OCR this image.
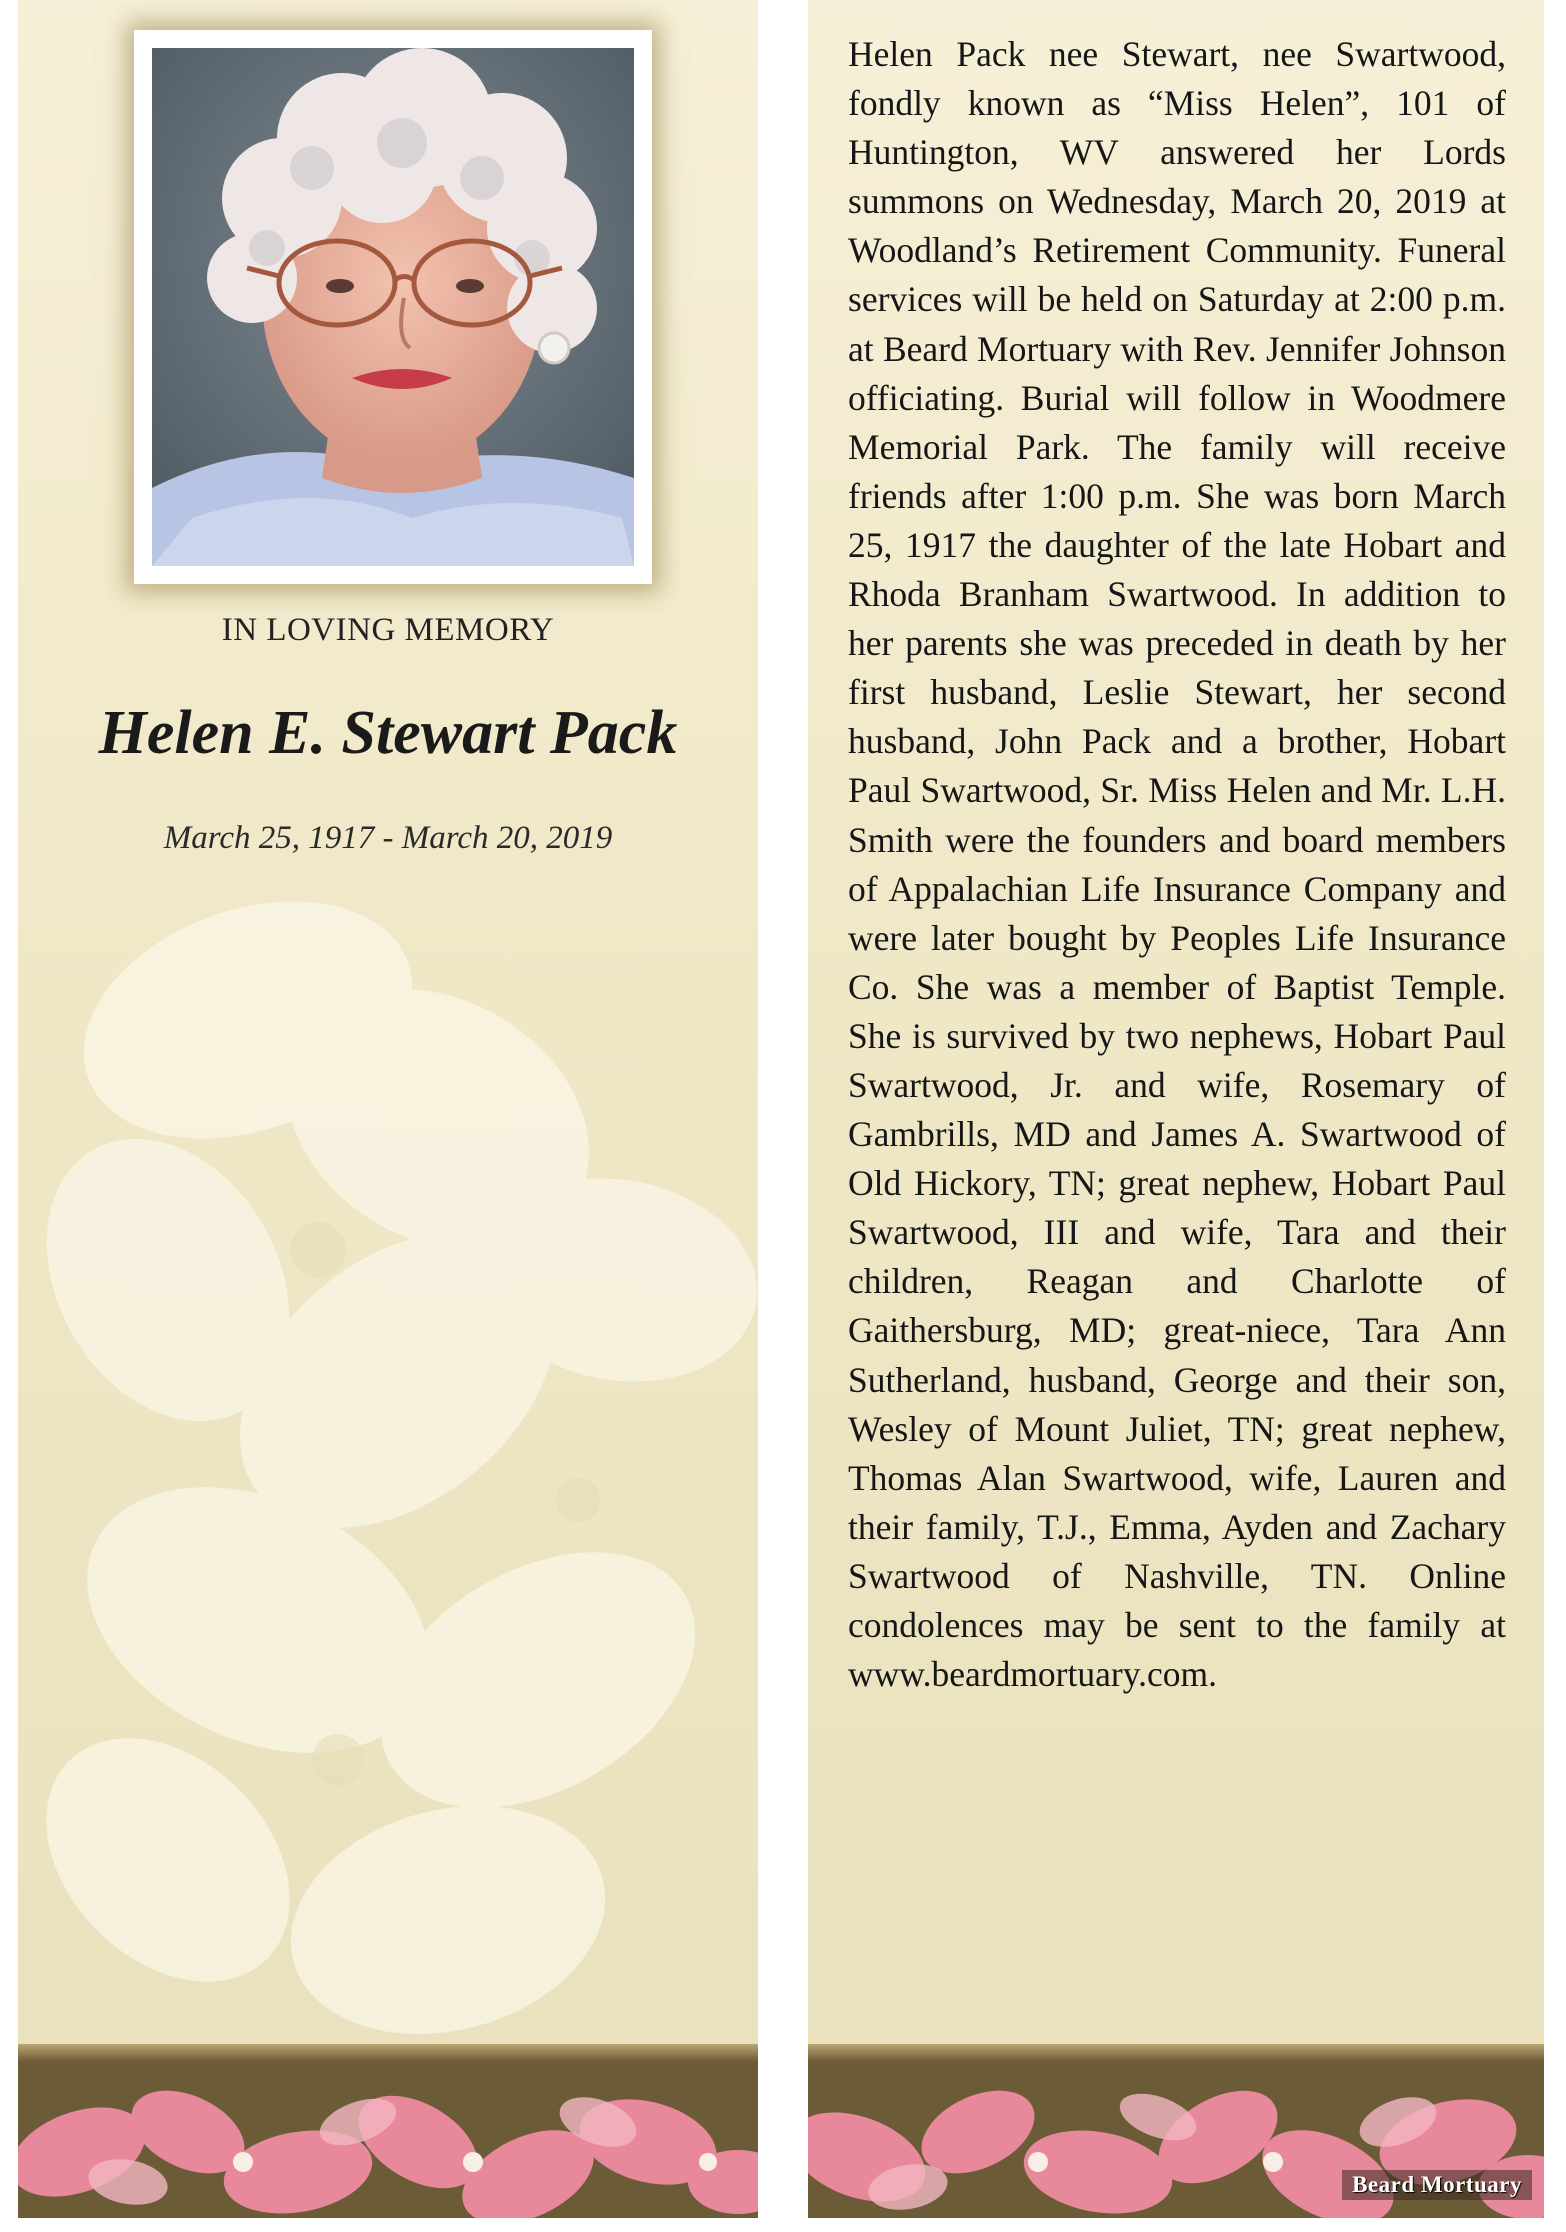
IN LOVING MEMORY
Helen E. Stewart Pack
March 25, 1917 - March 20, 2019
Helen Pack nee Stewart, nee Swartwood, fondly known as “Miss Helen”, 101 of Huntington, WV answered her Lords summons on Wednesday, March 20, 2019 at Woodland’s Retirement Community. Funeral services will be held on Saturday at 2:00 p.m. at Beard Mortuary with Rev. Jennifer Johnson officiating. Burial will follow in Woodmere Memorial Park. The family will receive friends after 1:00 p.m. She was born March 25, 1917 the daughter of the late Hobart and Rhoda Branham Swartwood. In addition to her parents she was preceded in death by her first husband, Leslie Stewart, her second husband, John Pack and a brother, Hobart Paul Swartwood, Sr. Miss Helen and Mr. L.H. Smith were the founders and board members of Appalachian Life Insurance Company and were later bought by Peoples Life Insurance Co. She was a member of Baptist Temple. She is survived by two nephews, Hobart Paul Swartwood, Jr. and wife, Rosemary of Gambrills, MD and James A. Swartwood of Old Hickory, TN; great nephew, Hobart Paul Swartwood, III and wife, Tara and their children, Reagan and Charlotte of Gaithersburg, MD; great-niece, Tara Ann Sutherland, husband, George and their son, Wesley of Mount Juliet, TN; great nephew, Thomas Alan Swartwood, wife, Lauren and their family, T.J., Emma, Ayden and Zachary Swartwood of Nashville, TN. Online condolences may be sent to the family at www.beardmortuary.com.
Beard Mortuary
